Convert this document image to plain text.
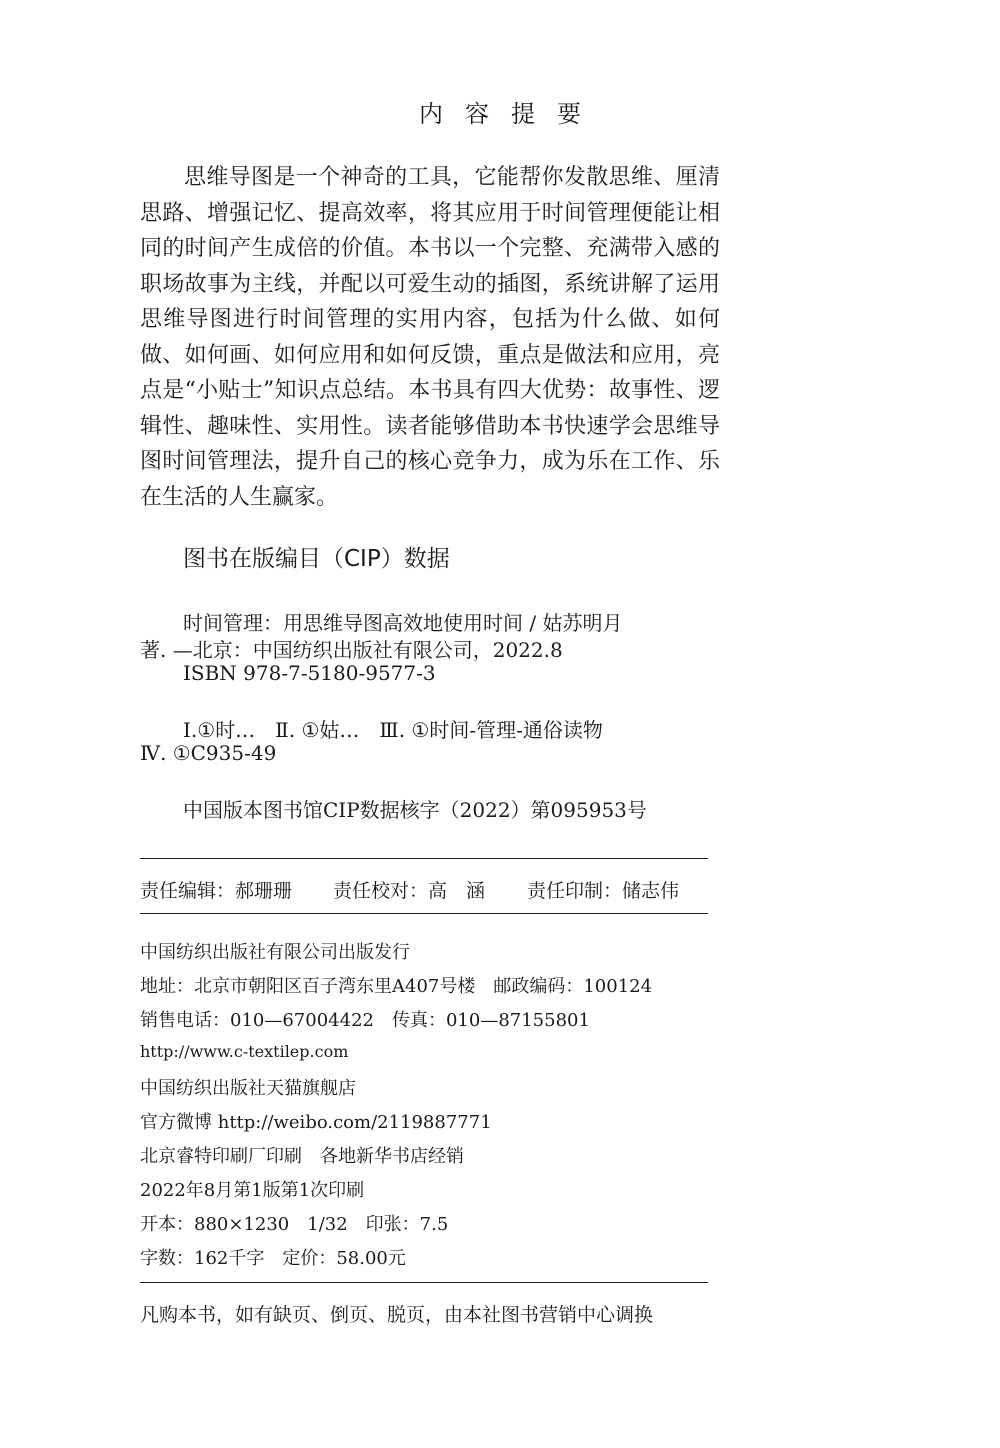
内容提要
思维导图是一个神奇的工具，它能帮你发散思维、厘清思路、增强记忆、提高效率，将其应用于时间管理便能让相同的时间产生成倍的价值。本书以一个完整、充满带入感的职场故事为主线，并配以可爱生动的插图，系统讲解了运用思维导图进行时间管理的实用内容，包括为什么做、如何做、如何画、如何应用和如何反馈，重点是做法和应用，亮点是“小贴士”知识点总结。本书具有四大优势：故事性、逻辑性、趣味性、实用性。读者能够借助本书快速学会思维导图时间管理法，提升自己的核心竞争力，成为乐在工作、乐在生活的人生赢家。
图书在版编目（CIP）数据
时间管理：用思维导图高效地使用时间 / 姑苏明月
著. —北京：中国纺织出版社有限公司，2022.8
ISBN 978-7-5180-9577-3
Ⅰ.①时…　Ⅱ. ①姑…　Ⅲ. ①时间-管理-通俗读物
Ⅳ. ①C935-49
中国版本图书馆CIP数据核字（2022）第095953号
责任编辑：郝珊珊 责任校对：高　涵 责任印制：储志伟
中国纺织出版社有限公司出版发行
地址：北京市朝阳区百子湾东里A407号楼　邮政编码：100124
销售电话：010—67004422　传真：010—87155801
http://www.c-textilep.com
中国纺织出版社天猫旗舰店
官方微博 http://weibo.com/2119887771
北京睿特印刷厂印刷　各地新华书店经销
2022年8月第1版第1次印刷
开本：880×1230　1/32　印张：7.5
字数：162千字　定价：58.00元
凡购本书，如有缺页、倒页、脱页，由本社图书营销中心调换
